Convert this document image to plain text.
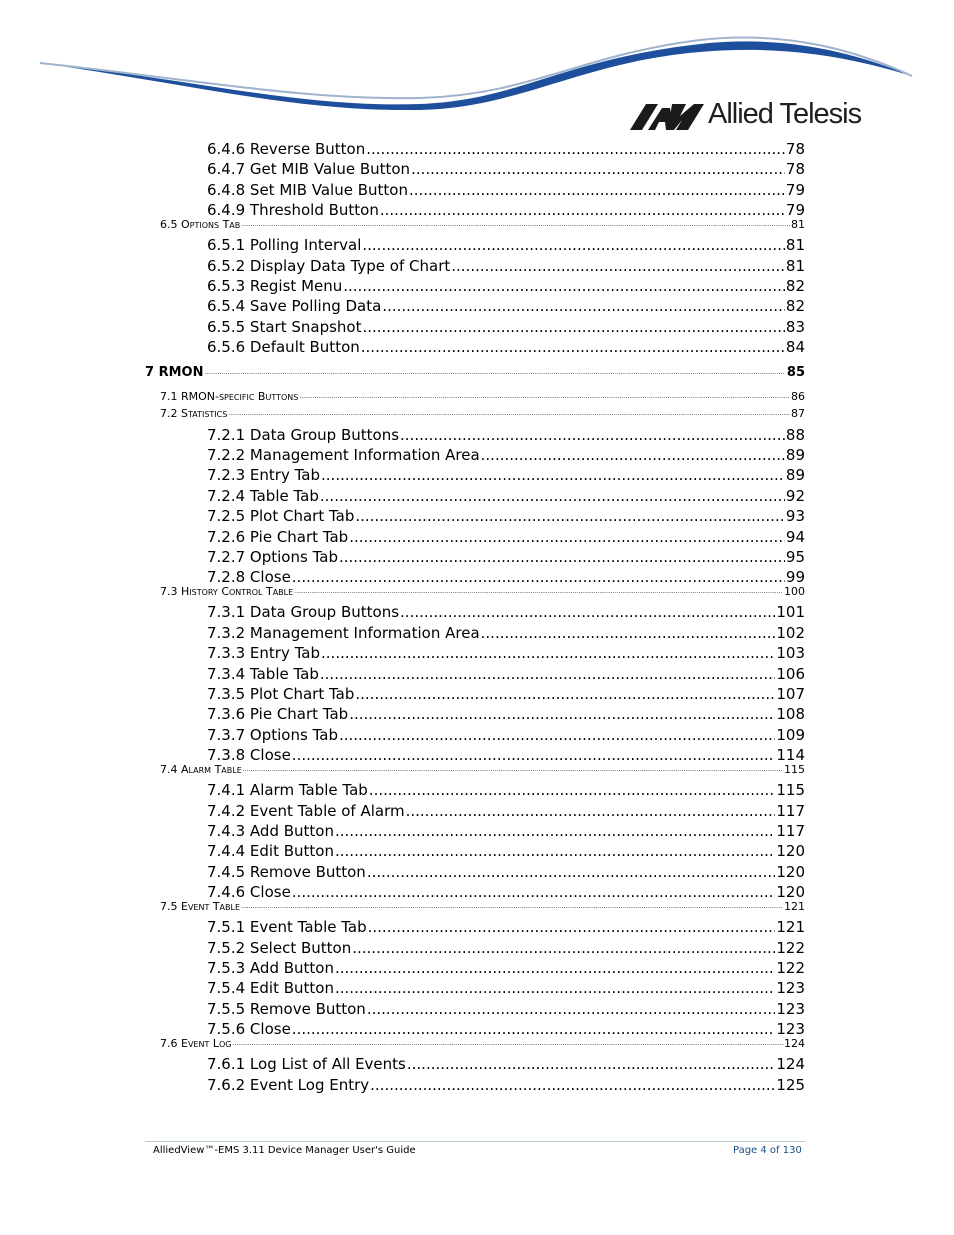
Allied Telesis
6.4.6 Reverse Button .....	78
6.4.7 Get MIB Value Button .....	78
6.4.8 Set MIB Value Button .....	79
6.4.9 Threshold Button .....	79
6.5 Options Tab .....	81
6.5.1 Polling Interval .....	81
6.5.2 Display Data Type of Chart .....	81
6.5.3 Regist Menu .....	82
6.5.4 Save Polling Data .....	82
6.5.5 Start Snapshot .....	83
6.5.6 Default Button .....	84
7 RMON .....	85
7.1 RMON-specific Buttons .....	86
7.2 Statistics .....	87
7.2.1 Data Group Buttons .....	88
7.2.2 Management Information Area .....	89
7.2.3 Entry Tab .....	89
7.2.4 Table Tab .....	92
7.2.5 Plot Chart Tab .....	93
7.2.6 Pie Chart Tab .....	94
7.2.7 Options Tab .....	95
7.2.8 Close .....	99
7.3 History Control Table .....	100
7.3.1 Data Group Buttons .....	101
7.3.2 Management Information Area .....	102
7.3.3 Entry Tab .....	103
7.3.4 Table Tab .....	106
7.3.5 Plot Chart Tab .....	107
7.3.6 Pie Chart Tab .....	108
7.3.7 Options Tab .....	109
7.3.8 Close .....	114
7.4 Alarm Table .....	115
7.4.1 Alarm Table Tab .....	115
7.4.2 Event Table of Alarm .....	117
7.4.3 Add Button .....	117
7.4.4 Edit Button .....	120
7.4.5 Remove Button .....	120
7.4.6 Close .....	120
7.5 Event Table .....	121
7.5.1 Event Table Tab .....	121
7.5.2 Select Button .....	122
7.5.3 Add Button .....	122
7.5.4 Edit Button .....	123
7.5.5 Remove Button .....	123
7.5.6 Close .....	123
7.6 Event Log .....	124
7.6.1 Log List of All Events .....	124
7.6.2 Event Log Entry .....	125
AlliedView™-EMS 3.11 Device Manager User's Guide	Page 4 of 130
